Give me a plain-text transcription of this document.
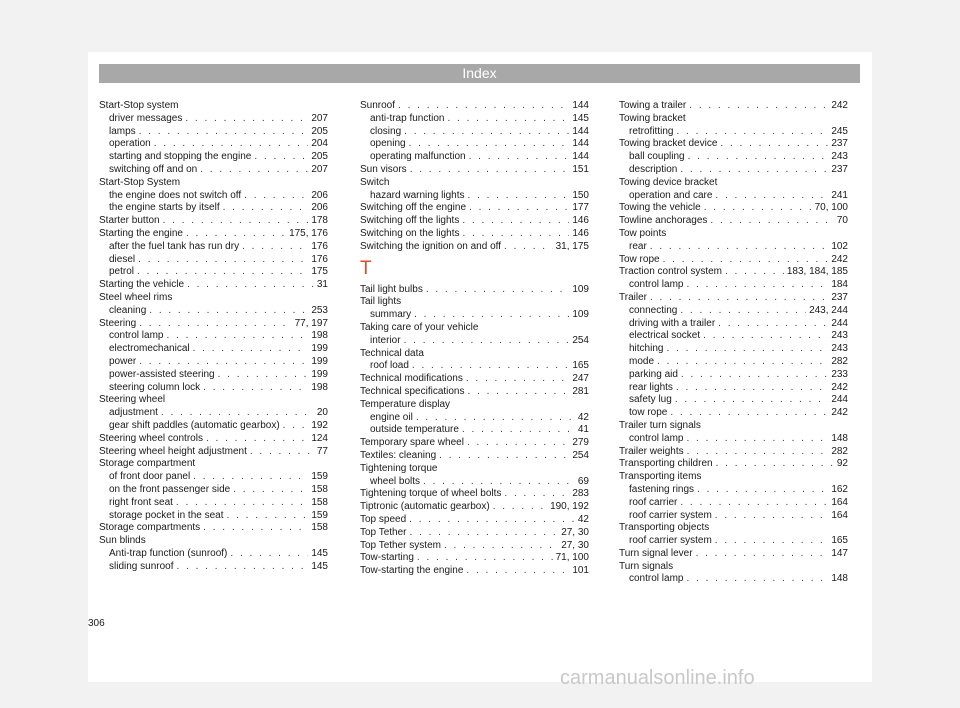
Index
Start-Stop system
driver messages . . .	207
lamps . . .	205
operation . . .	204
starting and stopping the engine . . .	205
switching off and on . . .	207
Start-Stop System
the engine does not switch off . . .	206
the engine starts by itself . . .	206
Starter button . . .	178
Starting the engine . . .	175, 176
after the fuel tank has run dry . . .	176
diesel . . .	176
petrol . . .	175
Starting the vehicle . . .	31
Steel wheel rims
cleaning . . .	253
Steering . . .	77, 197
control lamp . . .	198
electromechanical . . .	199
power . . .	199
power-assisted steering . . .	199
steering column lock . . .	198
Steering wheel
adjustment . . .	20
gear shift paddles (automatic gearbox) . . .	192
Steering wheel controls . . .	124
Steering wheel height adjustment . . .	77
Storage compartment
of front door panel . . .	159
on the front passenger side . . .	158
right front seat . . .	158
storage pocket in the seat . . .	159
Storage compartments . . .	158
Sun blinds
Anti-trap function (sunroof) . . .	145
sliding sunroof . . .	145
Sunroof . . .	144
anti-trap function . . .	145
closing . . .	144
opening . . .	144
operating malfunction . . .	144
Sun visors . . .	151
Switch
hazard warning lights . . .	150
Switching off the engine . . .	177
Switching off the lights . . .	146
Switching on the lights . . .	146
Switching the ignition on and off . . .	31, 175
T
Tail light bulbs . . .	109
Tail lights
summary . . .	109
Taking care of your vehicle
interior . . .	254
Technical data
roof load . . .	165
Technical modifications . . .	247
Technical specifications . . .	281
Temperature display
engine oil . . .	42
outside temperature . . .	41
Temporary spare wheel . . .	279
Textiles: cleaning . . .	254
Tightening torque
wheel bolts . . .	69
Tightening torque of wheel bolts . . .	283
Tiptronic (automatic gearbox) . . .	190, 192
Top speed . . .	42
Top Tether . . .	27, 30
Top Tether system . . .	27, 30
Tow-starting . . .	71, 100
Tow-starting the engine . . .	101
Towing a trailer . . .	242
Towing bracket
retrofitting . . .	245
Towing bracket device . . .	237
ball coupling . . .	243
description . . .	237
Towing device bracket
operation and care . . .	241
Towing the vehicle . . .	70, 100
Towline anchorages . . .	70
Tow points
rear . . .	102
Tow rope . . .	242
Traction control system . . .	183, 184, 185
control lamp . . .	184
Trailer . . .	237
connecting . . .	243, 244
driving with a trailer . . .	244
electrical socket . . .	243
hitching . . .	243
mode . . .	282
parking aid . . .	233
rear lights . . .	242
safety lug . . .	244
tow rope . . .	242
Trailer turn signals
control lamp . . .	148
Trailer weights . . .	282
Transporting children . . .	92
Transporting items
fastening rings . . .	162
roof carrier . . .	164
roof carrier system . . .	164
Transporting objects
roof carrier system . . .	165
Turn signal lever . . .	147
Turn signals
control lamp . . .	148
306
carmanualsonline.info
